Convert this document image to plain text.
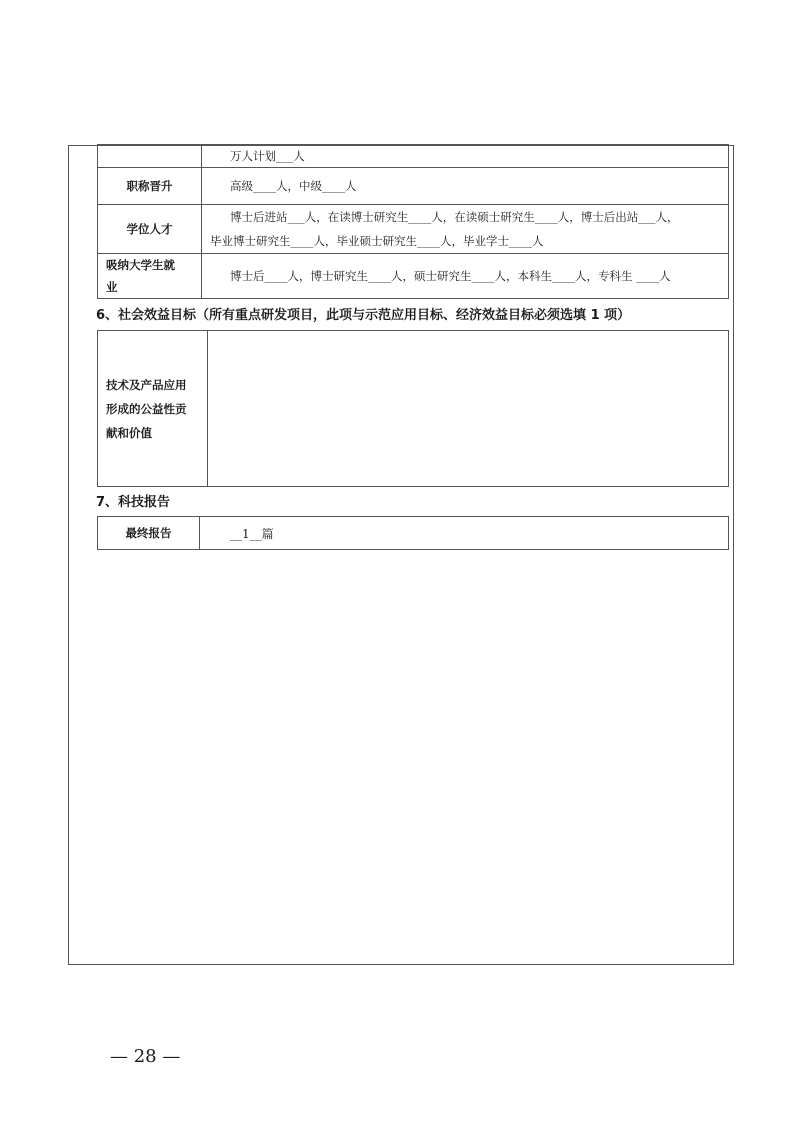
	万人计划___人

职称晋升	高级____人，中级____人

学位人才	博士后进站___人，在读博士研究生____人，在读硕士研究生____人，博士后出站___人，
毕业博士研究生____人，毕业硕士研究生____人，毕业学士____人

吸纳大学生就
业	博士后____人，博士研究生____人，硕士研究生____人，本科生____人，专科生 ____人
6、社会效益目标（所有重点研发项目，此项与示范应用目标、经济效益目标必须选填 1 项）
技术及产品应用
形成的公益性贡
献和价值

7、科技报告
最终报告	__1__篇
— 28 —
